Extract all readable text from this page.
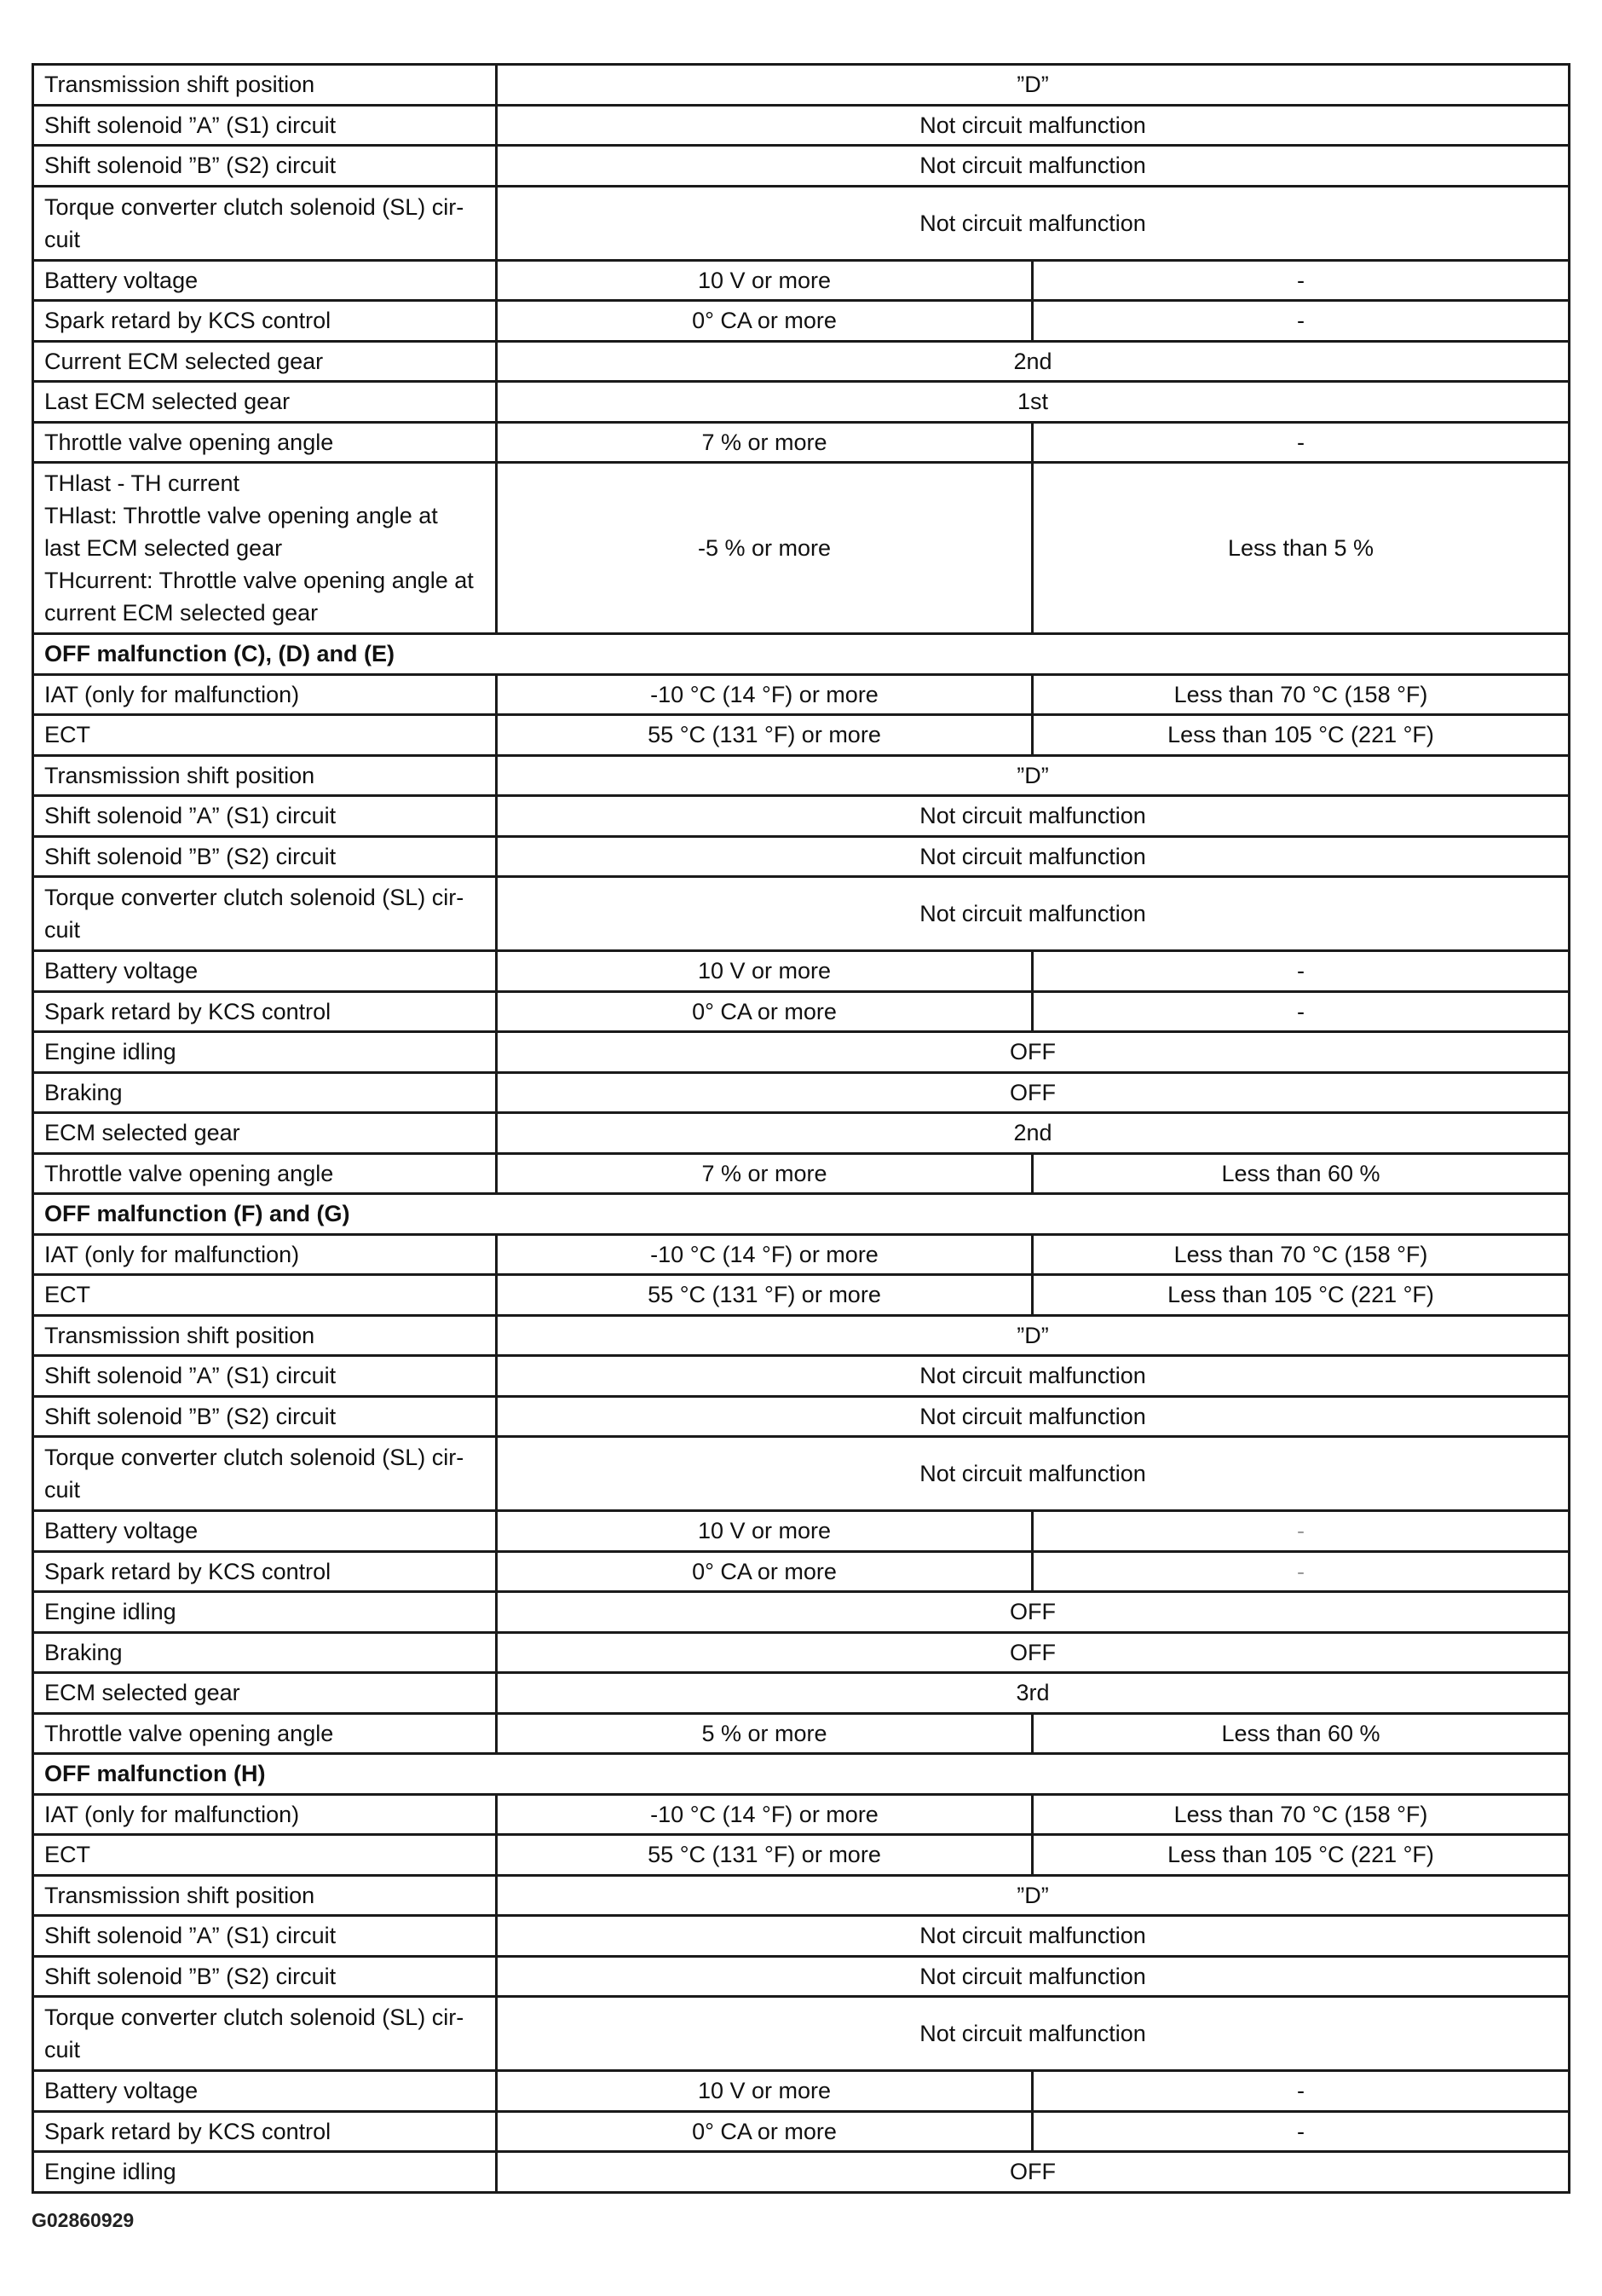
Transmission shift position	”D”	
Shift solenoid ”A” (S1) circuit	Not circuit malfunction	
Shift solenoid ”B” (S2) circuit	Not circuit malfunction	
Torque converter clutch solenoid (SL) cir-
cuit	Not circuit malfunction	
Battery voltage	10 V or more	-
Spark retard by KCS control	0° CA or more	-
Current ECM selected gear	2nd	
Last ECM selected gear	1st	
Throttle valve opening angle	7 % or more	-
THlast - TH current
THlast: Throttle valve opening angle at
last ECM selected gear
THcurrent: Throttle valve opening angle at
current ECM selected gear	-5 % or more	Less than 5 %
OFF malfunction (C), (D) and (E)		
IAT (only for malfunction)	-10 °C (14 °F) or more	Less than 70 °C (158 °F)
ECT	55 °C (131 °F) or more	Less than 105 °C (221 °F)
Transmission shift position	”D”	
Shift solenoid ”A” (S1) circuit	Not circuit malfunction	
Shift solenoid ”B” (S2) circuit	Not circuit malfunction	
Torque converter clutch solenoid (SL) cir-
cuit	Not circuit malfunction	
Battery voltage	10 V or more	-
Spark retard by KCS control	0° CA or more	-
Engine idling	OFF	
Braking	OFF	
ECM selected gear	2nd	
Throttle valve opening angle	7 % or more	Less than 60 %
OFF malfunction (F) and (G)		
IAT (only for malfunction)	-10 °C (14 °F) or more	Less than 70 °C (158 °F)
ECT	55 °C (131 °F) or more	Less than 105 °C (221 °F)
Transmission shift position	”D”	
Shift solenoid ”A” (S1) circuit	Not circuit malfunction	
Shift solenoid ”B” (S2) circuit	Not circuit malfunction	
Torque converter clutch solenoid (SL) cir-
cuit	Not circuit malfunction	
Battery voltage	10 V or more	-
Spark retard by KCS control	0° CA or more	-
Engine idling	OFF	
Braking	OFF	
ECM selected gear	3rd	
Throttle valve opening angle	5 % or more	Less than 60 %
OFF malfunction (H)		
IAT (only for malfunction)	-10 °C (14 °F) or more	Less than 70 °C (158 °F)
ECT	55 °C (131 °F) or more	Less than 105 °C (221 °F)
Transmission shift position	”D”	
Shift solenoid ”A” (S1) circuit	Not circuit malfunction	
Shift solenoid ”B” (S2) circuit	Not circuit malfunction	
Torque converter clutch solenoid (SL) cir-
cuit	Not circuit malfunction	
Battery voltage	10 V or more	-
Spark retard by KCS control	0° CA or more	-
Engine idling	OFF	
G02860929
